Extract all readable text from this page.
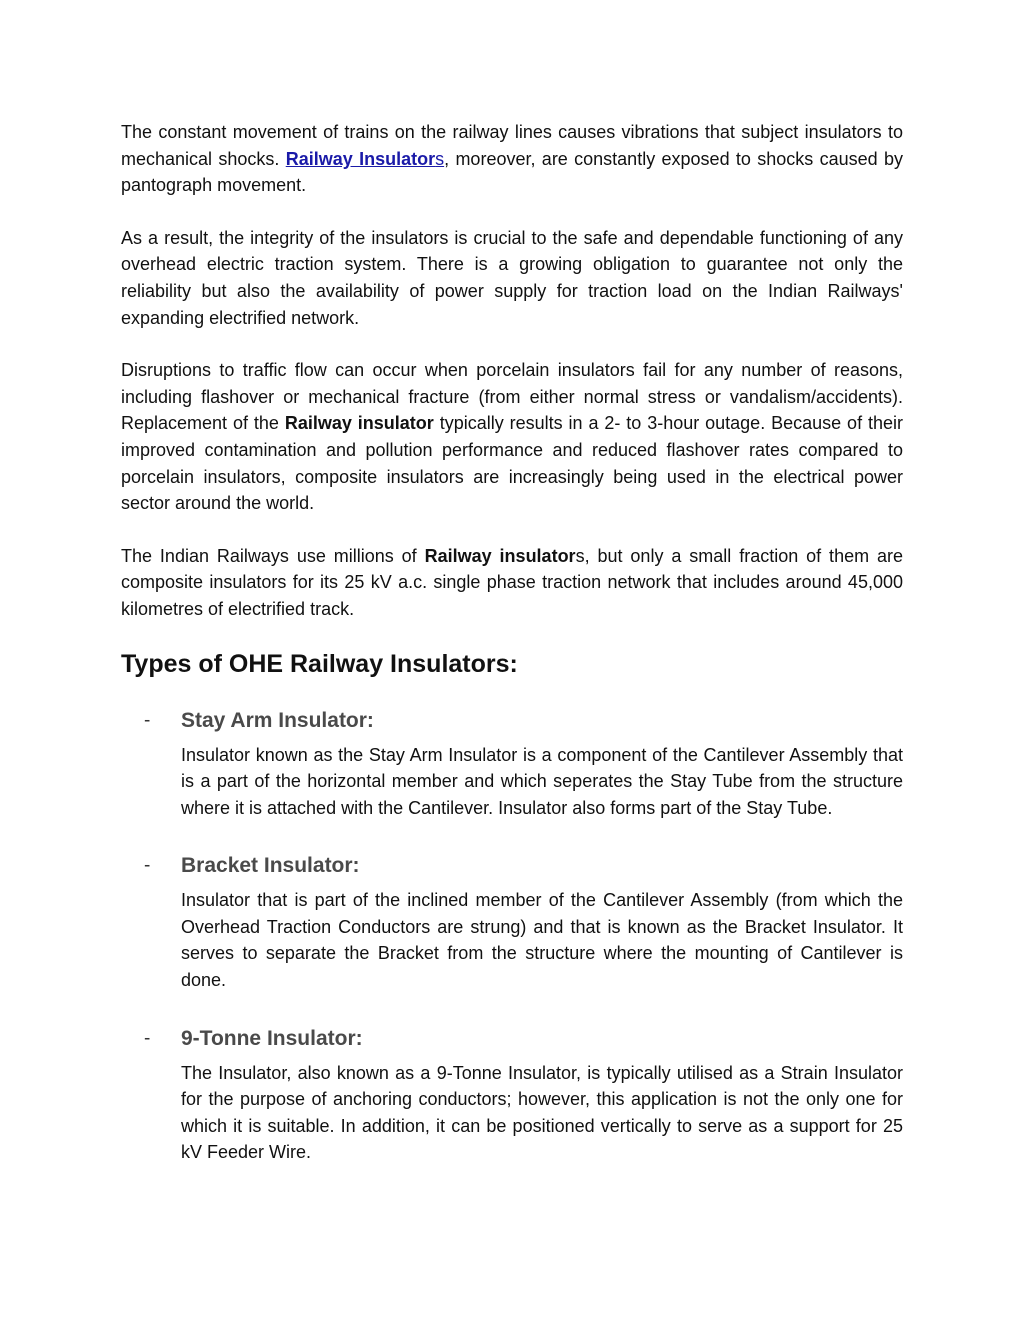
The constant movement of trains on the railway lines causes vibrations that subject insulators to mechanical shocks. Railway Insulators, moreover, are constantly exposed to shocks caused by pantograph movement.

As a result, the integrity of the insulators is crucial to the safe and dependable functioning of any overhead electric traction system. There is a growing obligation to guarantee not only the reliability but also the availability of power supply for traction load on the Indian Railways' expanding electrified network.

Disruptions to traffic flow can occur when porcelain insulators fail for any number of reasons, including flashover or mechanical fracture (from either normal stress or vandalism/accidents). Replacement of the Railway insulator typically results in a 2- to 3-hour outage. Because of their improved contamination and pollution performance and reduced flashover rates compared to porcelain insulators, composite insulators are increasingly being used in the electrical power sector around the world.

The Indian Railways use millions of Railway insulators, but only a small fraction of them are composite insulators for its 25 kV a.c. single phase traction network that includes around 45,000 kilometres of electrified track.

Types of OHE Railway Insulators:
- Stay Arm Insulator:

Insulator known as the Stay Arm Insulator is a component of the Cantilever Assembly that is a part of the horizontal member and which seperates the Stay Tube from the structure where it is attached with the Cantilever. Insulator also forms part of the Stay Tube.

- Bracket Insulator:

Insulator that is part of the inclined member of the Cantilever Assembly (from which the Overhead Traction Conductors are strung) and that is known as the Bracket Insulator. It serves to separate the Bracket from the structure where the mounting of Cantilever is done.

- 9-Tonne Insulator:

The Insulator, also known as a 9-Tonne Insulator, is typically utilised as a Strain Insulator for the purpose of anchoring conductors; however, this application is not the only one for which it is suitable. In addition, it can be positioned vertically to serve as a support for 25 kV Feeder Wire.
